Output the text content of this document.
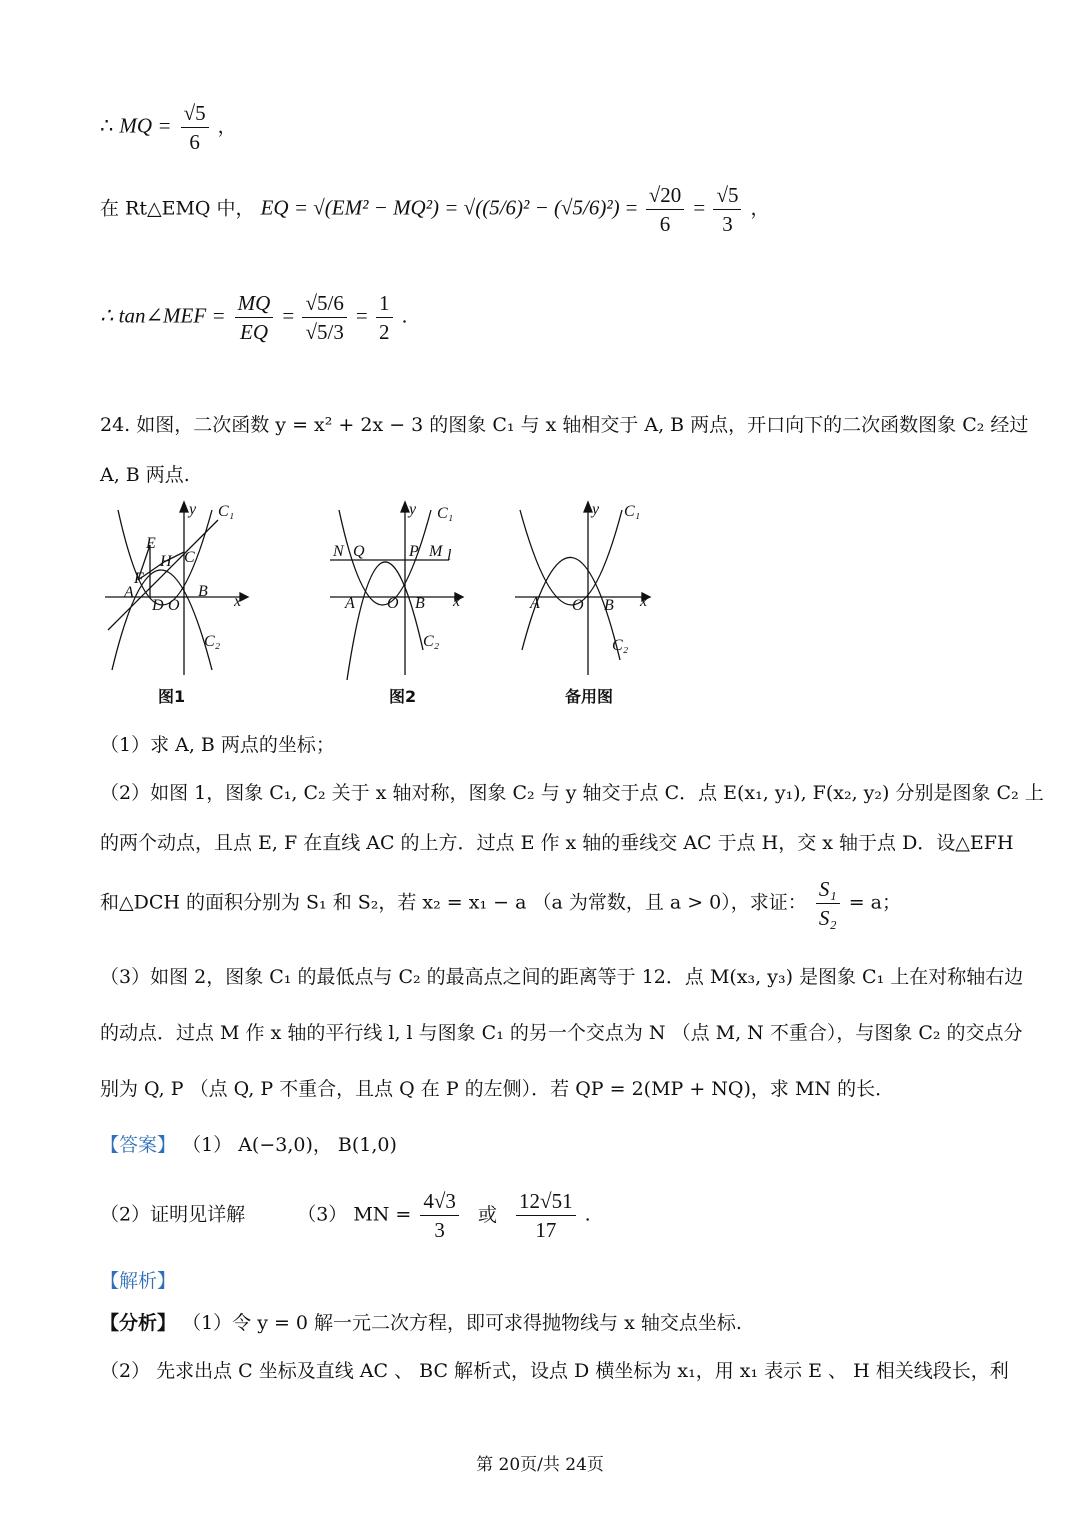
∴ MQ = $\frac{√5}{6}$ ，
在 Rt△EMQ 中， EQ = $√(EM^2 - MQ^2) = √((5/6)^2 - (√5/6)^2) = \frac{√20}{6} = \frac{√5}{3}$ ，
∴ tan∠MEF = $\frac{MQ}{EQ} = \frac{√5/6}{√5/3} = \frac{1}{2}$ .
24. 如图，二次函数 y = x² + 2x − 3 的图象 C₁ 与 x 轴相交于 A, B 两点，开口向下的二次函数图象 C₂ 经过
A, B 两点.
y C₁
E
H C
F
A
D O
B
x
C₂
图1
y C₁
N Q	P M l
A O B x
C₂
图2
y C₁
A O B x
C₂
备用图
（1）求 A, B 两点的坐标；
（2）如图 1，图象 C₁, C₂ 关于 x 轴对称，图象 C₂ 与 y 轴交于点 C．点 E(x₁, y₁), F(x₂, y₂) 分别是图象 C₂ 上
的两个动点，且点 E, F 在直线 AC 的上方．过点 E 作 x 轴的垂线交 AC 于点 H，交 x 轴于点 D．设△EFH
和△DCH 的面积分别为 S₁ 和 S₂，若 x₂ = x₁ − a （a 为常数，且 a > 0），求证： $\frac{\text{S₁}}{\text{S₂}} = a$；
（3）如图 2，图象 C₁ 的最低点与 C₂ 的最高点之间的距离等于 12．点 M(x₃, y₃) 是图象 C₁ 上在对称轴右边
的动点．过点 M 作 x 轴的平行线 l, l 与图象 C₁ 的另一个交点为 N （点 M, N 不重合），与图象 C₂ 的交点分
别为 Q, P （点 Q, P 不重合，且点 Q 在 P 的左侧）．若 QP = 2(MP + NQ)，求 MN 的长．
【答案】 （1） A(−3,0)， B(1,0)
（2）证明见详解	（3） MN = $\frac{4√3}{3}$ 或 $\frac{12√51}{17}$ .
【解析】
【分析】 （1）令 y = 0 解一元二次方程，即可求得抛物线与 x 轴交点坐标.
（2） 先求出点 C 坐标及直线 AC 、 BC 解析式，设点 D 横坐标为 x₁，用 x₁ 表示 E 、 H 相关线段长，利
第 20页/共 24页
